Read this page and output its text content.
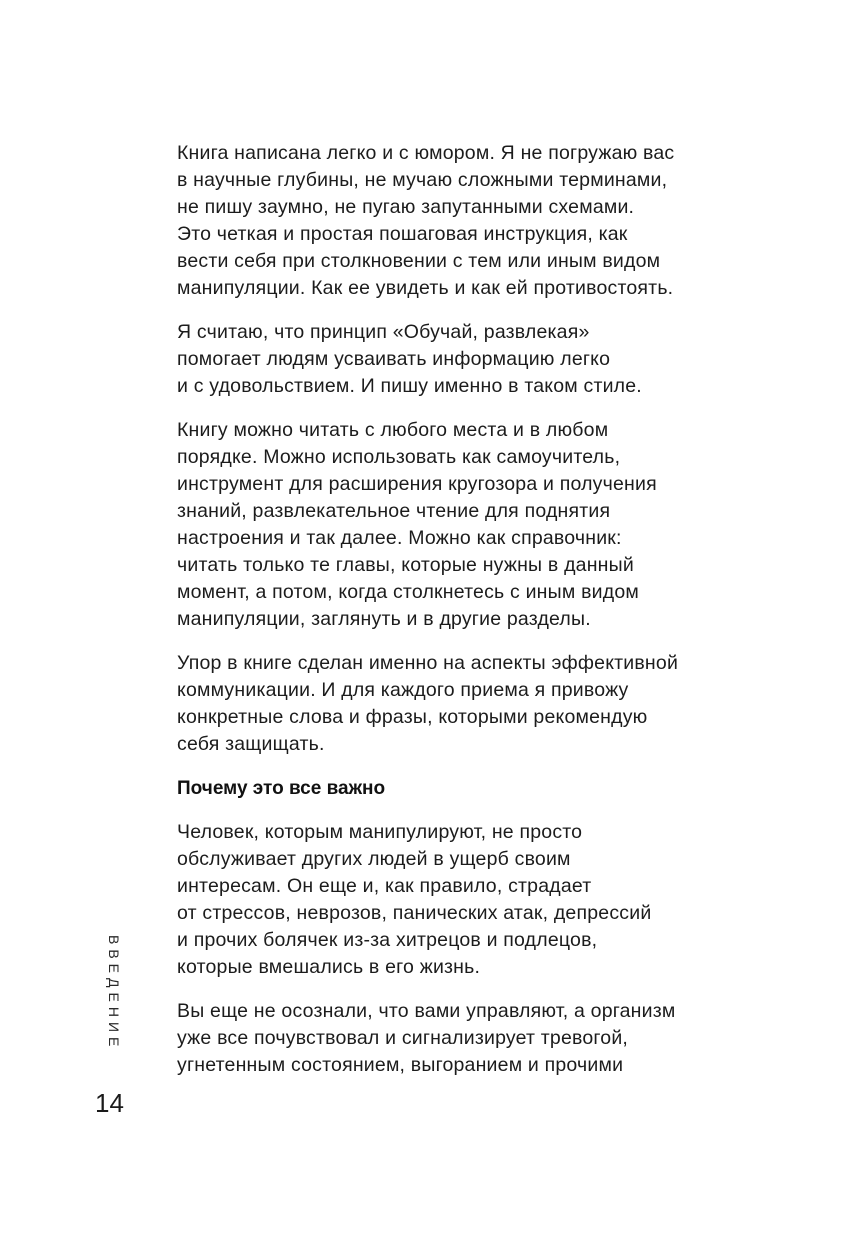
Книга написана легко и с юмором. Я не погружаю вас
в научные глубины, не мучаю сложными терминами,
не пишу заумно, не пугаю запутанными схемами.
Это четкая и простая пошаговая инструкция, как
вести себя при столкновении с тем или иным видом
манипуляции. Как ее увидеть и как ей противостоять.

Я считаю, что принцип «Обучай, развлекая»
помогает людям усваивать информацию легко
и с удовольствием. И пишу именно в таком стиле.

Книгу можно читать с любого места и в любом
порядке. Можно использовать как самоучитель,
инструмент для расширения кругозора и получения
знаний, развлекательное чтение для поднятия
настроения и так далее. Можно как справочник:
читать только те главы, которые нужны в данный
момент, а потом, когда столкнетесь с иным видом
манипуляции, заглянуть и в другие разделы.

Упор в книге сделан именно на аспекты эффективной
коммуникации. И для каждого приема я привожу
конкретные слова и фразы, которыми рекомендую
себя защищать.

Почему это все важно

Человек, которым манипулируют, не просто
обслуживает других людей в ущерб своим
интересам. Он еще и, как правило, страдает
от стрессов, неврозов, панических атак, депрессий
и прочих болячек из-за хитрецов и подлецов,
которые вмешались в его жизнь.

Вы еще не осознали, что вами управляют, а организм
уже все почувствовал и сигнализирует тревогой,
угнетенным состоянием, выгоранием и прочими

ВВЕДЕНИЕ
14
